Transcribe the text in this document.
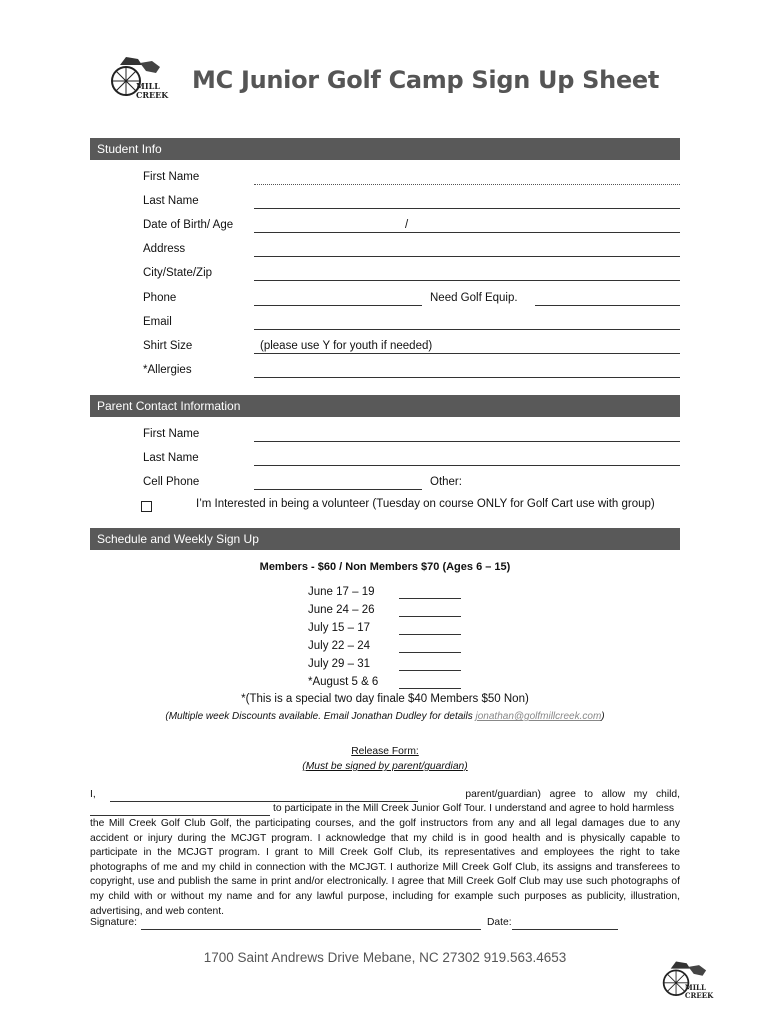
MILL
CREEK
MC Junior Golf Camp Sign Up Sheet
Student Info
First Name
Last Name
Date of Birth/ Age	/
Address
City/State/Zip
Phone	Need Golf Equip.
Email
Shirt Size	(please use Y for youth if needed)
*Allergies
Parent Contact Information
First Name
Last Name
Cell Phone	Other:
I’m Interested in being a volunteer (Tuesday on course ONLY for Golf Cart use with group)
Schedule and Weekly Sign Up
Members - $60 / Non Members $70 (Ages 6 – 15)
June 17 – 19
June 24 – 26
July 15 – 17
July 22 – 24
July 29 – 31
*August 5 & 6
*(This is a special two day finale $40 Members $50 Non)
(Multiple week Discounts available. Email Jonathan Dudley for details jonathan@golfmillcreek.com)
Release Form:
(Must be signed by parent/guardian)
I,	parent/guardian)   agree   to   allow   my   child,
to participate in the Mill Creek Junior Golf Tour. I understand and agree to hold harmless
the Mill Creek Golf Club Golf, the participating courses, and the golf instructors from any and all legal damages due to any accident or injury during the MCJGT program. I acknowledge that my child is in good health and is physically capable to participate in the MCJGT program. I grant to Mill Creek Golf Club, its representatives and employees the right to take photographs of me and my child in connection with the MCJGT. I authorize Mill Creek Golf Club, its assigns and transferees to copyright, use and publish the same in print and/or electronically. I agree that Mill Creek Golf Club may use such photographs of my child with or without my name and for any lawful purpose, including for example such purposes as publicity, illustration, advertising, and web content.
Signature:	Date:
1700 Saint Andrews Drive Mebane, NC 27302 919.563.4653
MILL
CREEK
